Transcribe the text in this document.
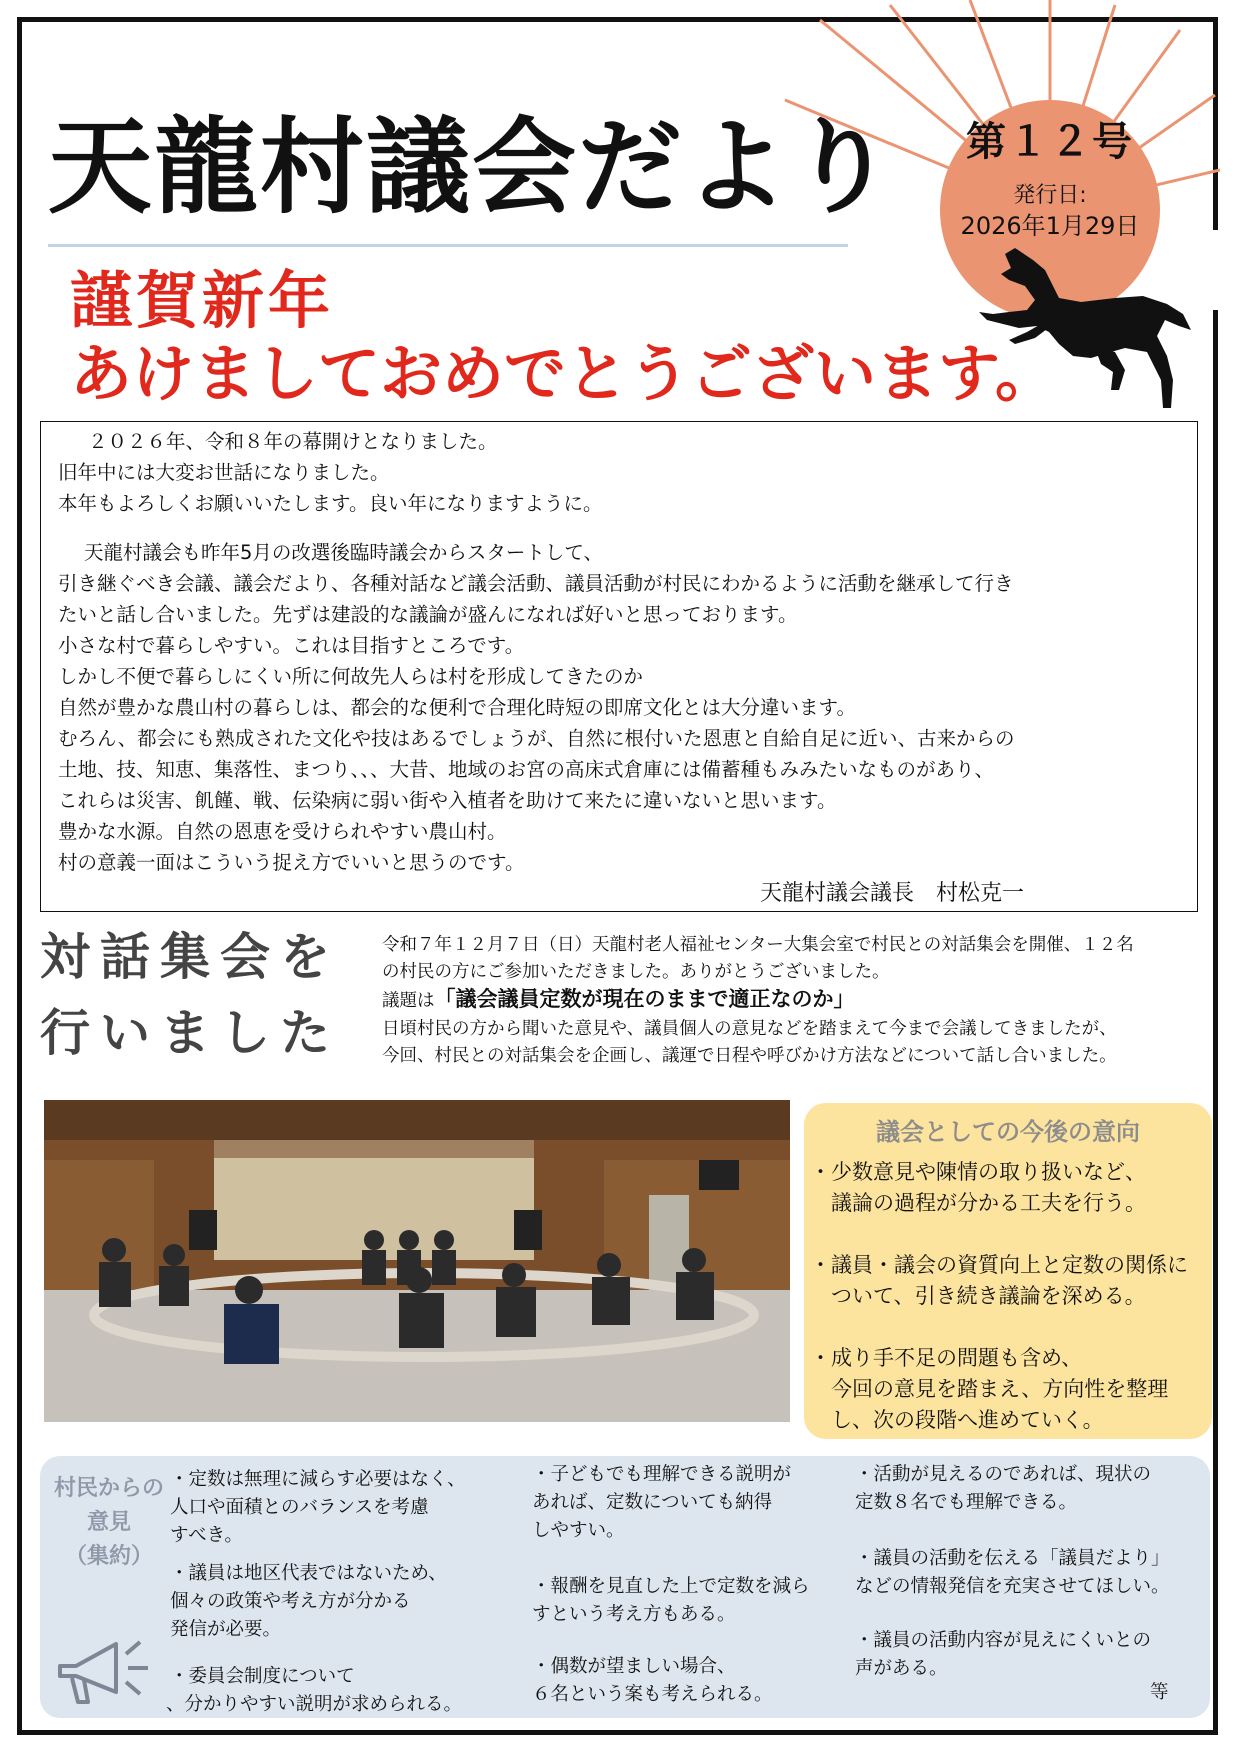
第１２号
発行日:
2026年1月29日
天龍村議会だより
謹賀新年
あけましておめでとうございます。
２０２６年、令和８年の幕開けとなりました。
旧年中には大変お世話になりました。
本年もよろしくお願いいたします。良い年になりますように。
天龍村議会も昨年5月の改選後臨時議会からスタートして、
引き継ぐべき会議、議会だより、各種対話など議会活動、議員活動が村民にわかるように活動を継承して行き
たいと話し合いました。先ずは建設的な議論が盛んになれば好いと思っております。
小さな村で暮らしやすい。これは目指すところです。
しかし不便で暮らしにくい所に何故先人らは村を形成してきたのか
自然が豊かな農山村の暮らしは、都会的な便利で合理化時短の即席文化とは大分違います。
むろん、都会にも熟成された文化や技はあるでしょうが、自然に根付いた恩恵と自給自足に近い、古来からの
土地、技、知恵、集落性、まつり、、、大昔、地域のお宮の高床式倉庫には備蓄種もみみたいなものがあり、
これらは災害、飢饉、戦、伝染病に弱い街や入植者を助けて来たに違いないと思います。
豊かな水源。自然の恩恵を受けられやすい農山村。
村の意義一面はこういう捉え方でいいと思うのです。
天龍村議会議長　村松克一
対話集会を
行いました
令和７年１２月７日（日）天龍村老人福祉センター大集会室で村民との対話集会を開催、１２名
の村民の方にご参加いただきました。ありがとうございました。
議題は「議会議員定数が現在のままで適正なのか」
日頃村民の方から聞いた意見や、議員個人の意見などを踏まえて今まで会議してきましたが、
今回、村民との対話集会を企画し、議運で日程や呼びかけ方法などについて話し合いました。
議会としての今後の意向
・少数意見や陳情の取り扱いなど、
　議論の過程が分かる工夫を行う。
・議員・議会の資質向上と定数の関係に
　ついて、引き続き議論を深める。
・成り手不足の問題も含め、
　今回の意見を踏まえ、方向性を整理
　し、次の段階へ進めていく。
村民からの
意見
（集約）
・定数は無理に減らす必要はなく、
人口や面積とのバランスを考慮
すべき。
・議員は地区代表ではないため、
個々の政策や考え方が分かる
発信が必要。
・委員会制度について
、分かりやすい説明が求められる。
・子どもでも理解できる説明が
あれば、定数についても納得
しやすい。
・報酬を見直した上で定数を減ら
すという考え方もある。
・偶数が望ましい場合、
６名という案も考えられる。
・活動が見えるのであれば、現状の
定数８名でも理解できる。
・議員の活動を伝える「議員だより」
などの情報発信を充実させてほしい。
・議員の活動内容が見えにくいとの
声がある。
等
